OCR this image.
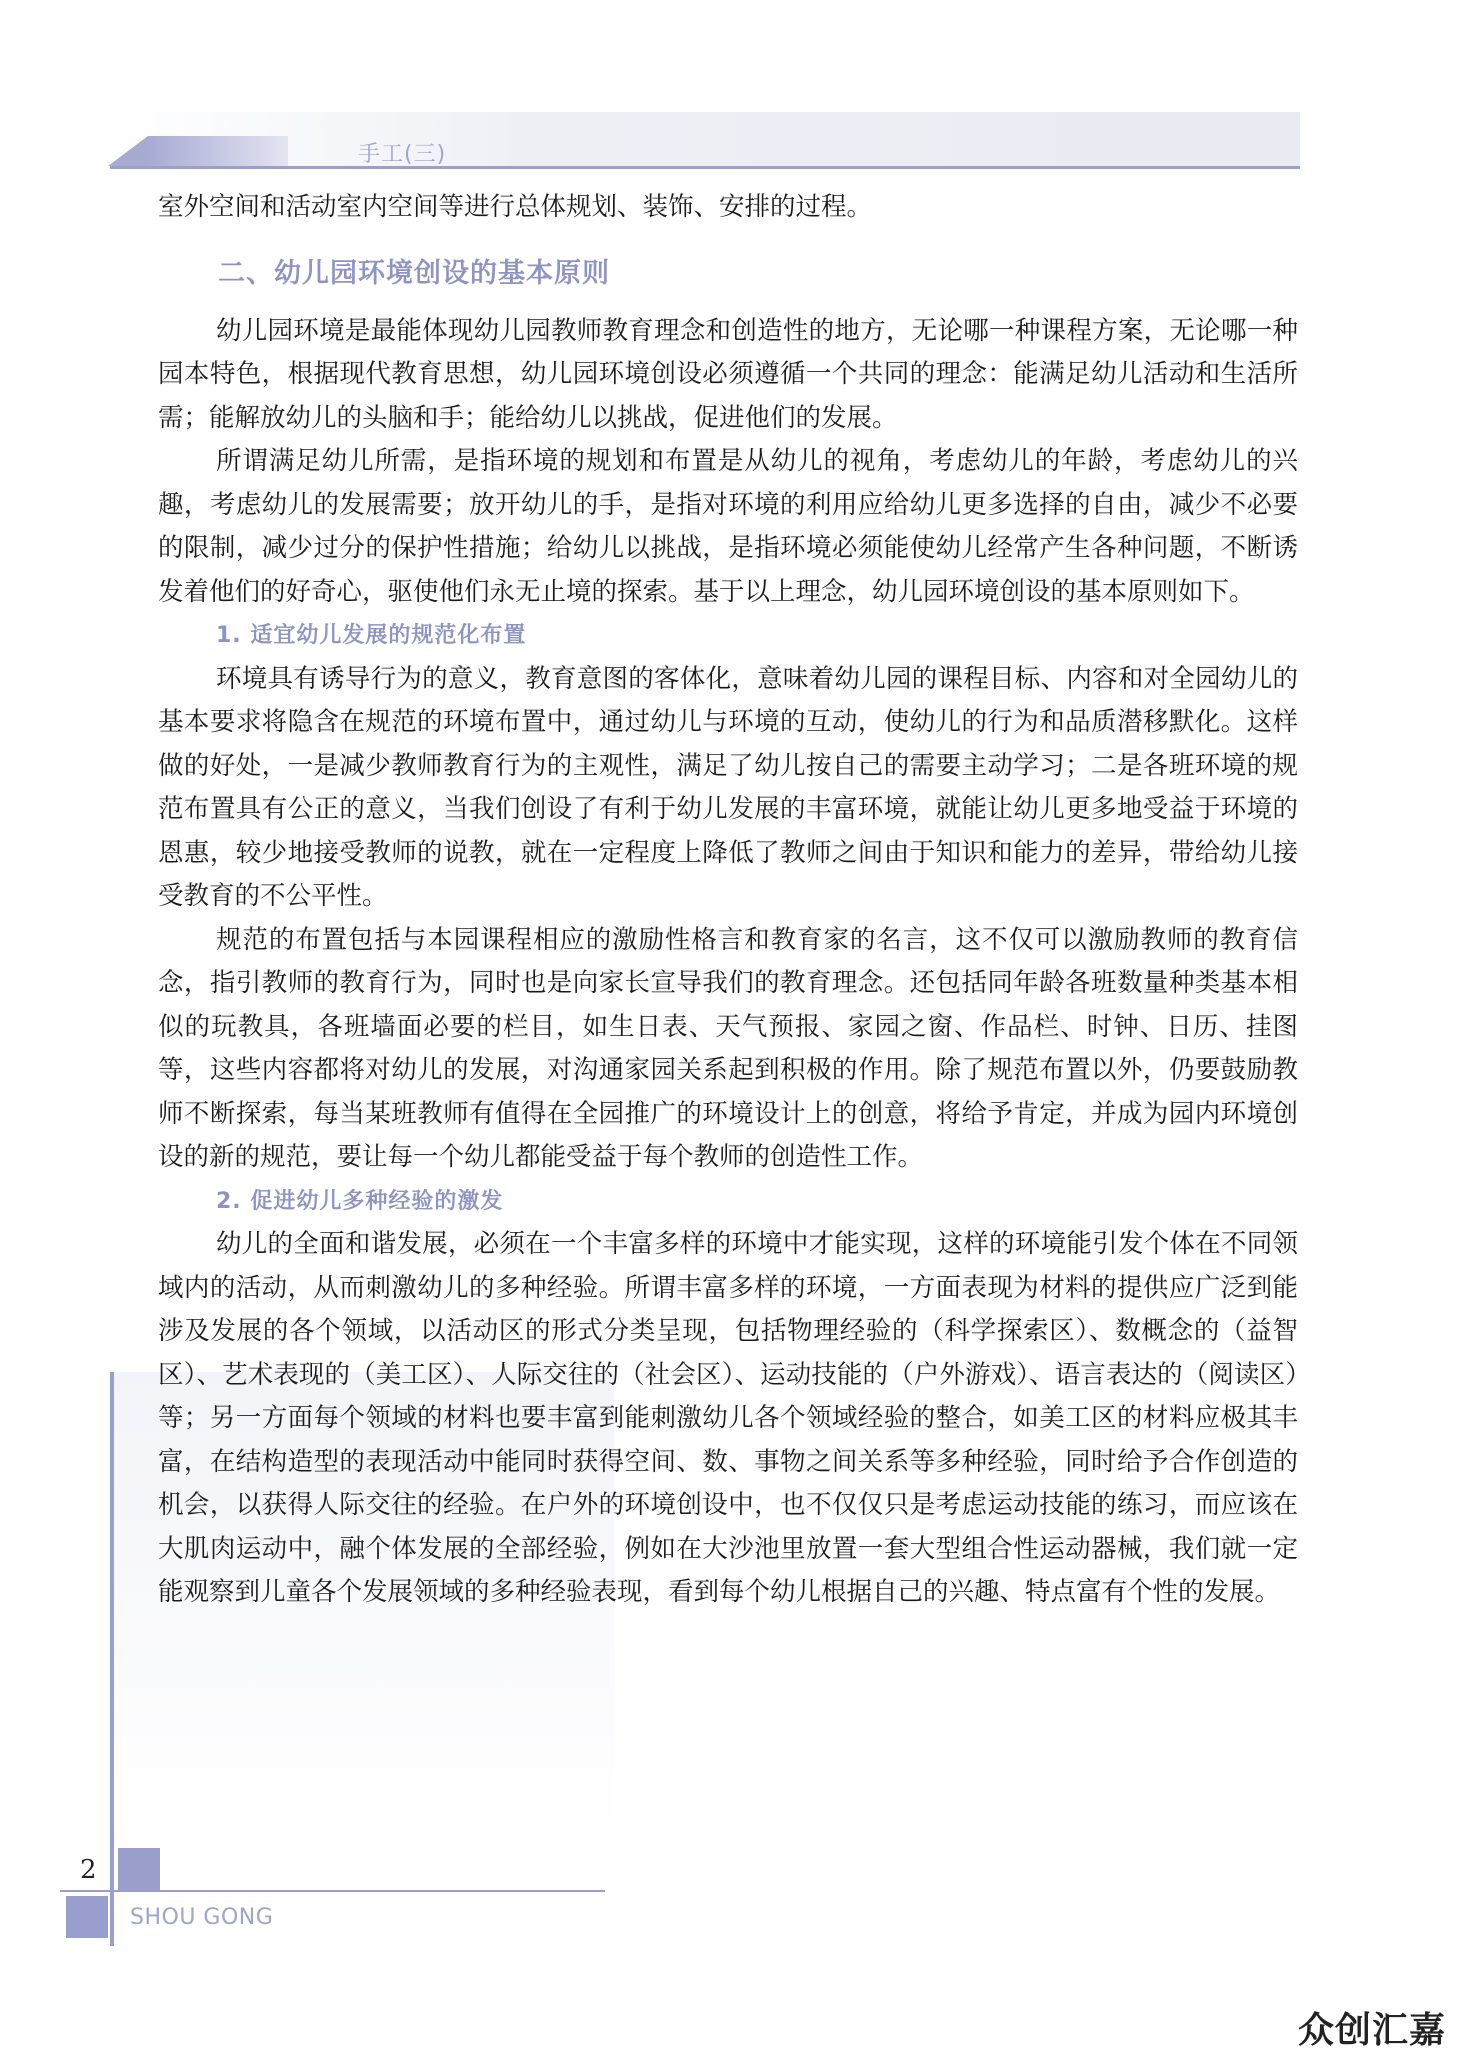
手工(三)

室外空间和活动室内空间等进行总体规划、装饰、安排的过程。

二、幼儿园环境创设的基本原则

幼儿园环境是最能体现幼儿园教师教育理念和创造性的地方，无论哪一种课程方案，无论哪一种园本特色，根据现代教育思想，幼儿园环境创设必须遵循一个共同的理念：能满足幼儿活动和生活所需；能解放幼儿的头脑和手；能给幼儿以挑战，促进他们的发展。

所谓满足幼儿所需，是指环境的规划和布置是从幼儿的视角，考虑幼儿的年龄，考虑幼儿的兴趣，考虑幼儿的发展需要；放开幼儿的手，是指对环境的利用应给幼儿更多选择的自由，减少不必要的限制，减少过分的保护性措施；给幼儿以挑战，是指环境必须能使幼儿经常产生各种问题，不断诱发着他们的好奇心，驱使他们永无止境的探索。基于以上理念，幼儿园环境创设的基本原则如下。

1. 适宜幼儿发展的规范化布置

环境具有诱导行为的意义，教育意图的客体化，意味着幼儿园的课程目标、内容和对全园幼儿的基本要求将隐含在规范的环境布置中，通过幼儿与环境的互动，使幼儿的行为和品质潜移默化。这样做的好处，一是减少教师教育行为的主观性，满足了幼儿按自己的需要主动学习；二是各班环境的规范布置具有公正的意义，当我们创设了有利于幼儿发展的丰富环境，就能让幼儿更多地受益于环境的恩惠，较少地接受教师的说教，就在一定程度上降低了教师之间由于知识和能力的差异，带给幼儿接受教育的不公平性。

规范的布置包括与本园课程相应的激励性格言和教育家的名言，这不仅可以激励教师的教育信念，指引教师的教育行为，同时也是向家长宣导我们的教育理念。还包括同年龄各班数量种类基本相似的玩教具，各班墙面必要的栏目，如生日表、天气预报、家园之窗、作品栏、时钟、日历、挂图等，这些内容都将对幼儿的发展，对沟通家园关系起到积极的作用。除了规范布置以外，仍要鼓励教师不断探索，每当某班教师有值得在全园推广的环境设计上的创意，将给予肯定，并成为园内环境创设的新的规范，要让每一个幼儿都能受益于每个教师的创造性工作。

2. 促进幼儿多种经验的激发

幼儿的全面和谐发展，必须在一个丰富多样的环境中才能实现，这样的环境能引发个体在不同领域内的活动，从而刺激幼儿的多种经验。所谓丰富多样的环境，一方面表现为材料的提供应广泛到能涉及发展的各个领域，以活动区的形式分类呈现，包括物理经验的（科学探索区）、数概念的（益智区）、艺术表现的（美工区）、人际交往的（社会区）、运动技能的（户外游戏）、语言表达的（阅读区）等；另一方面每个领域的材料也要丰富到能刺激幼儿各个领域经验的整合，如美工区的材料应极其丰富，在结构造型的表现活动中能同时获得空间、数、事物之间关系等多种经验，同时给予合作创造的机会，以获得人际交往的经验。在户外的环境创设中，也不仅仅只是考虑运动技能的练习，而应该在大肌肉运动中，融个体发展的全部经验，例如在大沙池里放置一套大型组合性运动器械，我们就一定能观察到儿童各个发展领域的多种经验表现，看到每个幼儿根据自己的兴趣、特点富有个性的发展。

2
SHOU GONG
众创汇嘉
